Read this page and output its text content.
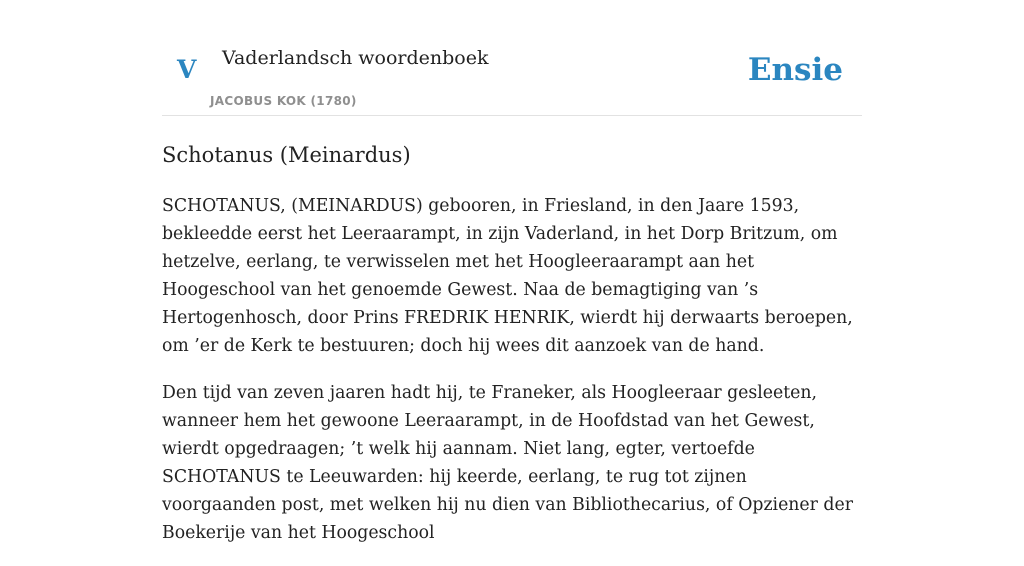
V Vaderlandsch woordenboek
JACOBUS KOK (1780)
Ensie
Schotanus (Meinardus)

SCHOTANUS, (MEINARDUS) gebooren, in Friesland, in den Jaare 1593, bekleedde eerst het Leeraarampt, in zijn Vaderland, in het Dorp Britzum, om hetzelve, eerlang, te verwisselen met het Hoogleeraarampt aan het Hoogeschool van het genoemde Gewest. Naa de bemagtiging van ’s Hertogenhosch, door Prins FREDRIK HENRIK, wierdt hij derwaarts beroepen, om ’er de Kerk te bestuuren; doch hij wees dit aanzoek van de hand.

Den tijd van zeven jaaren hadt hij, te Franeker, als Hoogleeraar gesleeten, wanneer hem het gewoone Leeraarampt, in de Hoofdstad van het Gewest, wierdt opgedraagen; ’t welk hij aannam. Niet lang, egter, vertoefde SCHOTANUS te Leeuwarden: hij keerde, eerlang, te rug tot zijnen voorgaanden post, met welken hij nu dien van Bibliothecarius, of Opziener der Boekerije van het Hoogeschool
